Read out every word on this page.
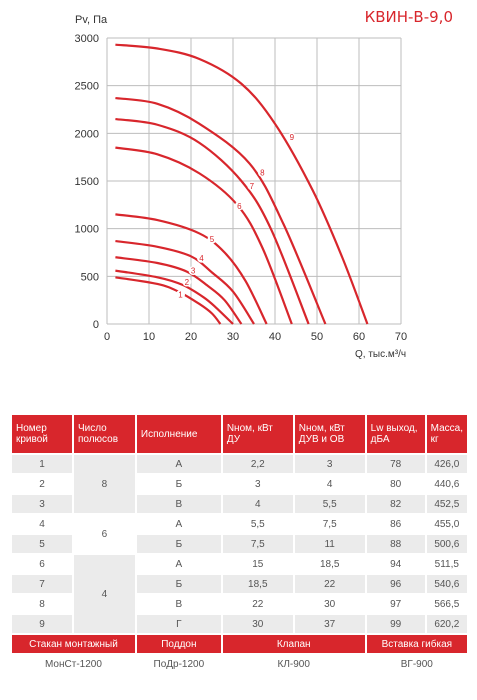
КВИН-В-9,0
Pv, Па
Q, тыс.м³/ч
0	10	20	30	40	50	60	70
0
500
1000
1500
2000
2500
3000
1
2
3
4
5
6
7
8
9
Номер кривой	Число полюсов	Исполнение	Nном, кВт ДУ	Nном, кВт ДУВ и ОВ	Lw выход, дБА	Масса, кг
1	8	А	2,2	3	78	426,0
2		Б	3	4	80	440,6
3		В	4	5,5	82	452,5
4	6	А	5,5	7,5	86	455,0
5		Б	7,5	11	88	500,6
6	4	А	15	18,5	94	511,5
7		Б	18,5	22	96	540,6
8		В	22	30	97	566,5
9		Г	30	37	99	620,2
Стакан монтажный		Поддон	Клапан		Вставка гибкая	
МонСт-1200		ПоДр-1200	КЛ-900		ВГ-900	
